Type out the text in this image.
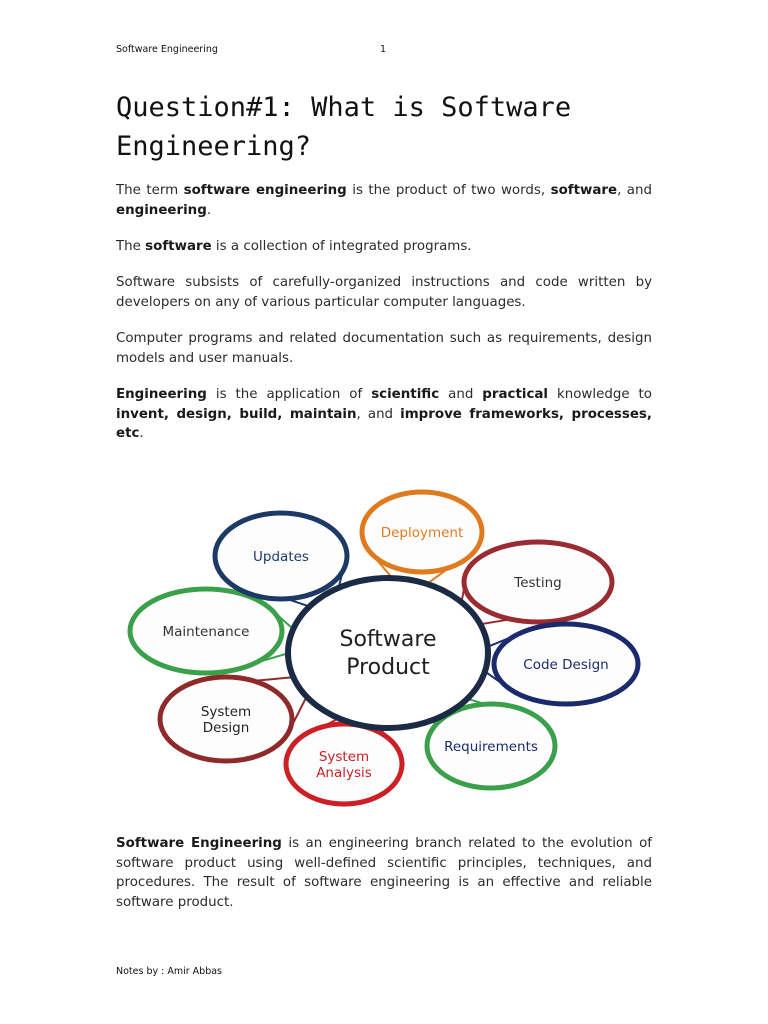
Software Engineering	1
Question#1: What is Software
Engineering?

The term software engineering is the product of two words, software, and engineering.

The software is a collection of integrated programs.

Software subsists of carefully-organized instructions and code written by developers on any of various particular computer languages.

Computer programs and related documentation such as requirements, design models and user manuals.

Engineering is the application of scientific and practical knowledge to invent, design, build, maintain, and improve frameworks, processes, etc.

Deployment
Testing
Code Design
Requirements
System
Analysis
System
Design
Maintenance
Updates
Software
Product

Software Engineering is an engineering branch related to the evolution of software product using well-defined scientific principles, techniques, and procedures. The result of software engineering is an effective and reliable software product.

Notes by : Amir Abbas
